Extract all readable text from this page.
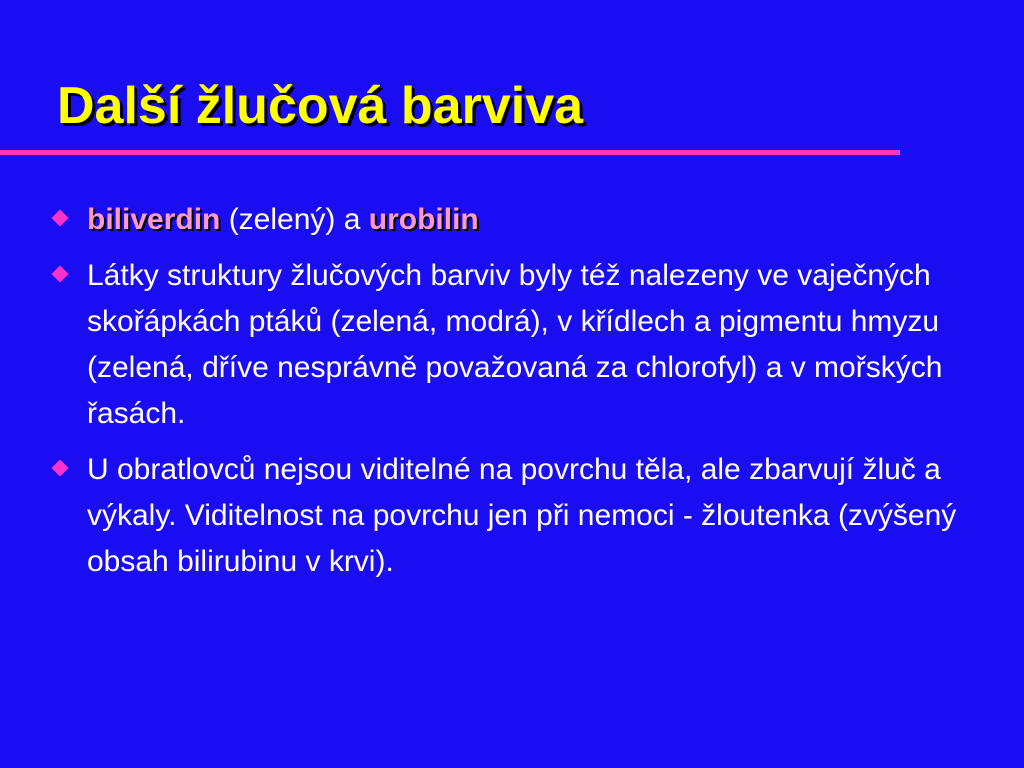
Další žlučová barviva
biliverdin (zelený) a urobilin
Látky struktury žlučových barviv byly též nalezeny ve vaječných skořápkách ptáků (zelená, modrá), v křídlech a pigmentu hmyzu (zelená, dříve nesprávně považovaná za chlorofyl) a v mořských řasách.
U obratlovců nejsou viditelné na povrchu těla, ale zbarvují žluč a výkaly. Viditelnost na povrchu jen při nemoci - žloutenka (zvýšený obsah bilirubinu v krvi).
